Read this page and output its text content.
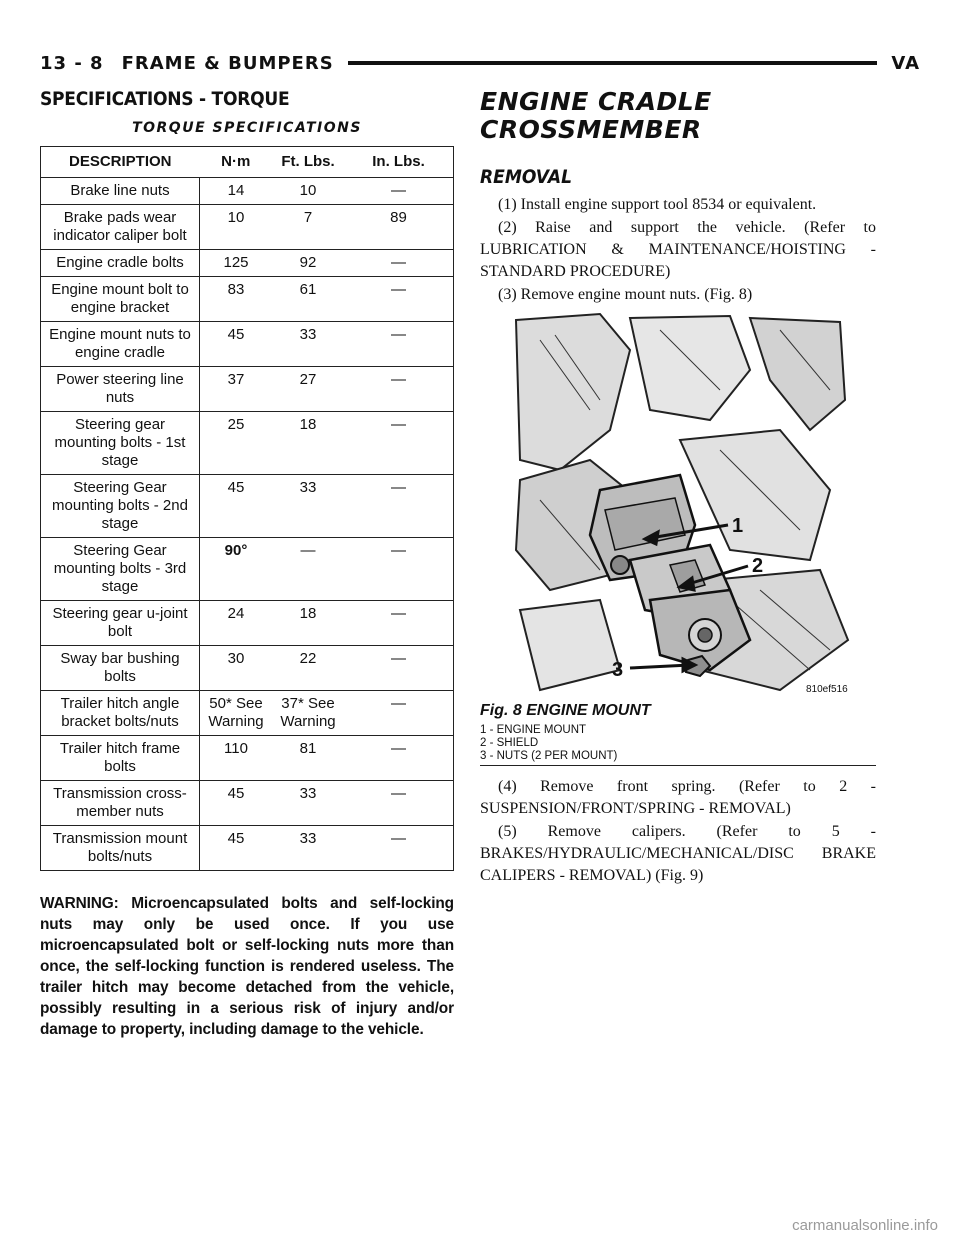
13 - 8 FRAME & BUMPERS	VA
SPECIFICATIONS - TORQUE
TORQUE SPECIFICATIONS
DESCRIPTION	N·m	Ft. Lbs.	In. Lbs.
Brake line nuts	14	10	—
Brake pads wear indicator caliper bolt	10	7	89
Engine cradle bolts	125	92	—
Engine mount bolt to engine bracket	83	61	—
Engine mount nuts to engine cradle	45	33	—
Power steering line nuts	37	27	—
Steering gear mounting bolts - 1st stage	25	18	—
Steering Gear mounting bolts - 2nd stage	45	33	—
Steering Gear mounting bolts - 3rd stage	90°	—	—
Steering gear u-joint bolt	24	18	—
Sway bar bushing bolts	30	22	—
Trailer hitch angle bracket bolts/nuts	50* See Warning	37* See Warning	—
Trailer hitch frame bolts	110	81	—
Transmission cross-member nuts	45	33	—
Transmission mount bolts/nuts	45	33	—

WARNING: Microencapsulated bolts and self-locking nuts may only be used once. If you use microencapsulated bolt or self-locking nuts more than once, the self-locking function is rendered useless. The trailer hitch may become detached from the vehicle, possibly resulting in a serious risk of injury and/or damage to property, including damage to the vehicle.

ENGINE CRADLE CROSSMEMBER
REMOVAL

(1) Install engine support tool 8534 or equivalent.

(2) Raise and support the vehicle. (Refer to LUBRICATION & MAINTENANCE/HOISTING - STANDARD PROCEDURE)

(3) Remove engine mount nuts. (Fig. 8)

1
2
3
810ef516
Fig. 8 ENGINE MOUNT
1 - ENGINE MOUNT
2 - SHIELD
3 - NUTS (2 PER MOUNT)

(4) Remove front spring. (Refer to 2 - SUSPENSION/FRONT/SPRING - REMOVAL)

(5) Remove calipers. (Refer to 5 - BRAKES/HYDRAULIC/MECHANICAL/DISC BRAKE CALIPERS - REMOVAL) (Fig. 9)

carmanualsonline.info
